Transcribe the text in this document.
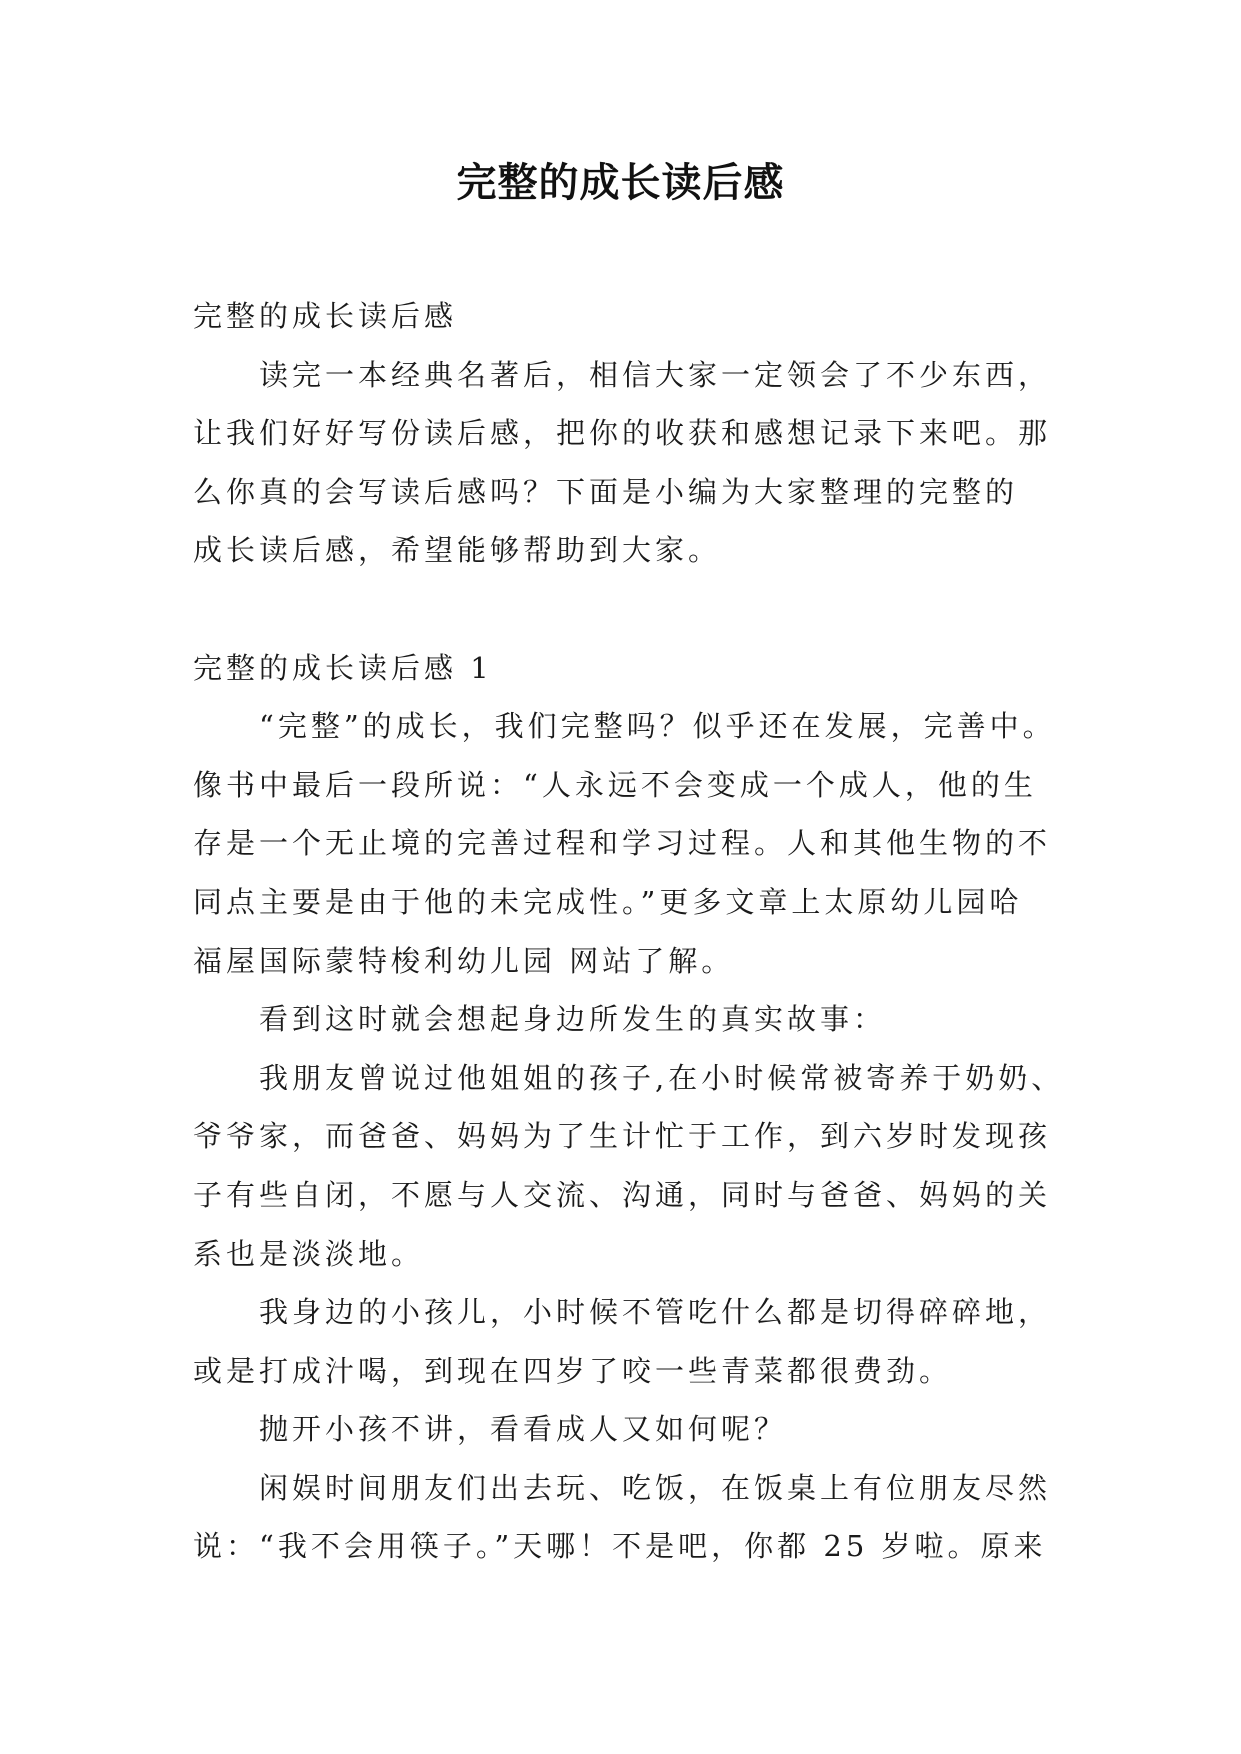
完整的成长读后感
完整的成长读后感
读完一本经典名著后，相信大家一定领会了不少东西，
让我们好好写份读后感，把你的收获和感想记录下来吧。那
么你真的会写读后感吗？下面是小编为大家整理的完整的
成长读后感，希望能够帮助到大家。
完整的成长读后感 1
“完整”的成长，我们完整吗？似乎还在发展，完善中。
像书中最后一段所说：“人永远不会变成一个成人，他的生
存是一个无止境的完善过程和学习过程。人和其他生物的不
同点主要是由于他的未完成性。”更多文章上太原幼儿园哈
福屋国际蒙特梭利幼儿园 网站了解。
看到这时就会想起身边所发生的真实故事：
我朋友曾说过他姐姐的孩子,在小时候常被寄养于奶奶、
爷爷家，而爸爸、妈妈为了生计忙于工作，到六岁时发现孩
子有些自闭，不愿与人交流、沟通，同时与爸爸、妈妈的关
系也是淡淡地。
我身边的小孩儿，小时候不管吃什么都是切得碎碎地，
或是打成汁喝，到现在四岁了咬一些青菜都很费劲。
抛开小孩不讲，看看成人又如何呢？
闲娱时间朋友们出去玩、吃饭，在饭桌上有位朋友尽然
说：“我不会用筷子。”天哪！不是吧，你都 25 岁啦。原来
